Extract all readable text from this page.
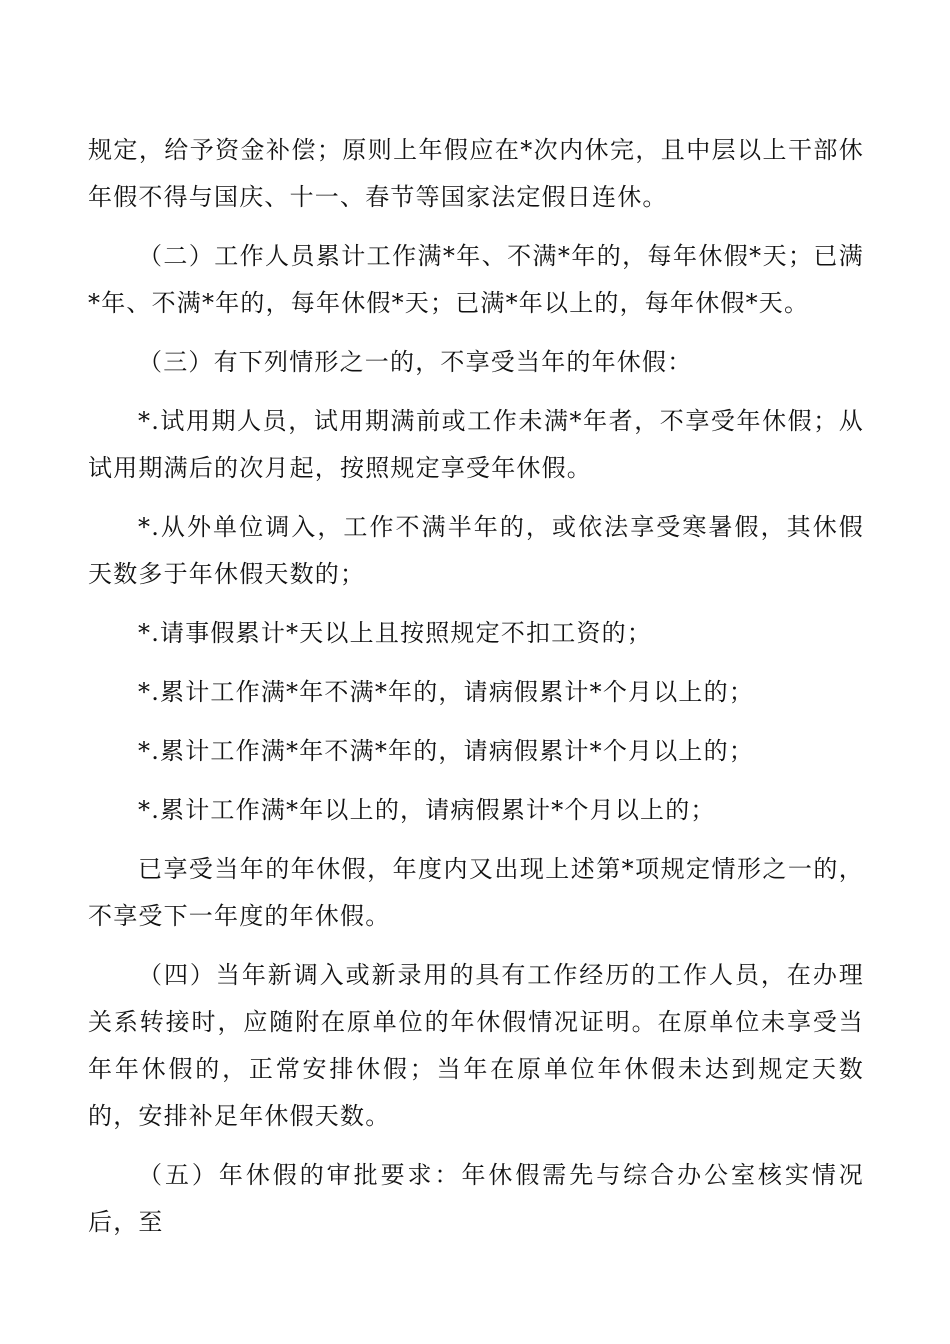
规定，给予资金补偿；原则上年假应在*次内休完，且中层以上干部休年假不得与国庆、十一、春节等国家法定假日连休。

（二）工作人员累计工作满*年、不满*年的，每年休假*天；已满*年、不满*年的，每年休假*天；已满*年以上的，每年休假*天。

（三）有下列情形之一的，不享受当年的年休假：

*.试用期人员，试用期满前或工作未满*年者，不享受年休假；从试用期满后的次月起，按照规定享受年休假。

*.从外单位调入，工作不满半年的，或依法享受寒暑假，其休假天数多于年休假天数的；

*.请事假累计*天以上且按照规定不扣工资的；

*.累计工作满*年不满*年的，请病假累计*个月以上的；

*.累计工作满*年不满*年的，请病假累计*个月以上的；

*.累计工作满*年以上的，请病假累计*个月以上的；

已享受当年的年休假，年度内又出现上述第*项规定情形之一的，不享受下一年度的年休假。

（四）当年新调入或新录用的具有工作经历的工作人员，在办理关系转接时，应随附在原单位的年休假情况证明。在原单位未享受当年年休假的，正常安排休假；当年在原单位年休假未达到规定天数的，安排补足年休假天数。

（五）年休假的审批要求：年休假需先与综合办公室核实情况后，至
